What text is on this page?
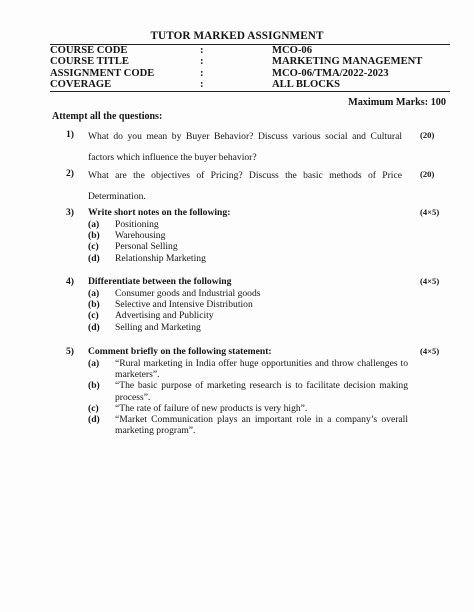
TUTOR MARKED ASSIGNMENT
COURSE CODE	:	MCO-06
COURSE TITLE	:	MARKETING MANAGEMENT
ASSIGNMENT CODE	:	MCO-06/TMA/2022-2023
COVERAGE	:	ALL BLOCKS
Maximum Marks: 100
Attempt all the questions:
1) What do you mean by Buyer Behavior? Discuss various social and Cultural factors which influence the buyer behavior?
(20)
2) What are the objectives of Pricing? Discuss the basic methods of Price Determination.
(20)
3) Write short notes on the following:	(4×5)
(a)	Positioning
(b)	Warehousing
(c)	Personal Selling
(d)	Relationship Marketing
4) Differentiate between the following	(4×5)
(a)	Consumer goods and Industrial goods
(b)	Selective and Intensive Distribution
(c)	Advertising and Publicity
(d)	Selling and Marketing
5) Comment briefly on the following statement:	(4×5)
(a)	“Rural marketing in India offer huge opportunities and throw challenges to marketers”.
(b)	“The basic purpose of marketing research is to facilitate decision making process”.
(c)	“The rate of failure of new products is very high”.
(d)	“Market Communication plays an important role in a company’s overall marketing program”.
